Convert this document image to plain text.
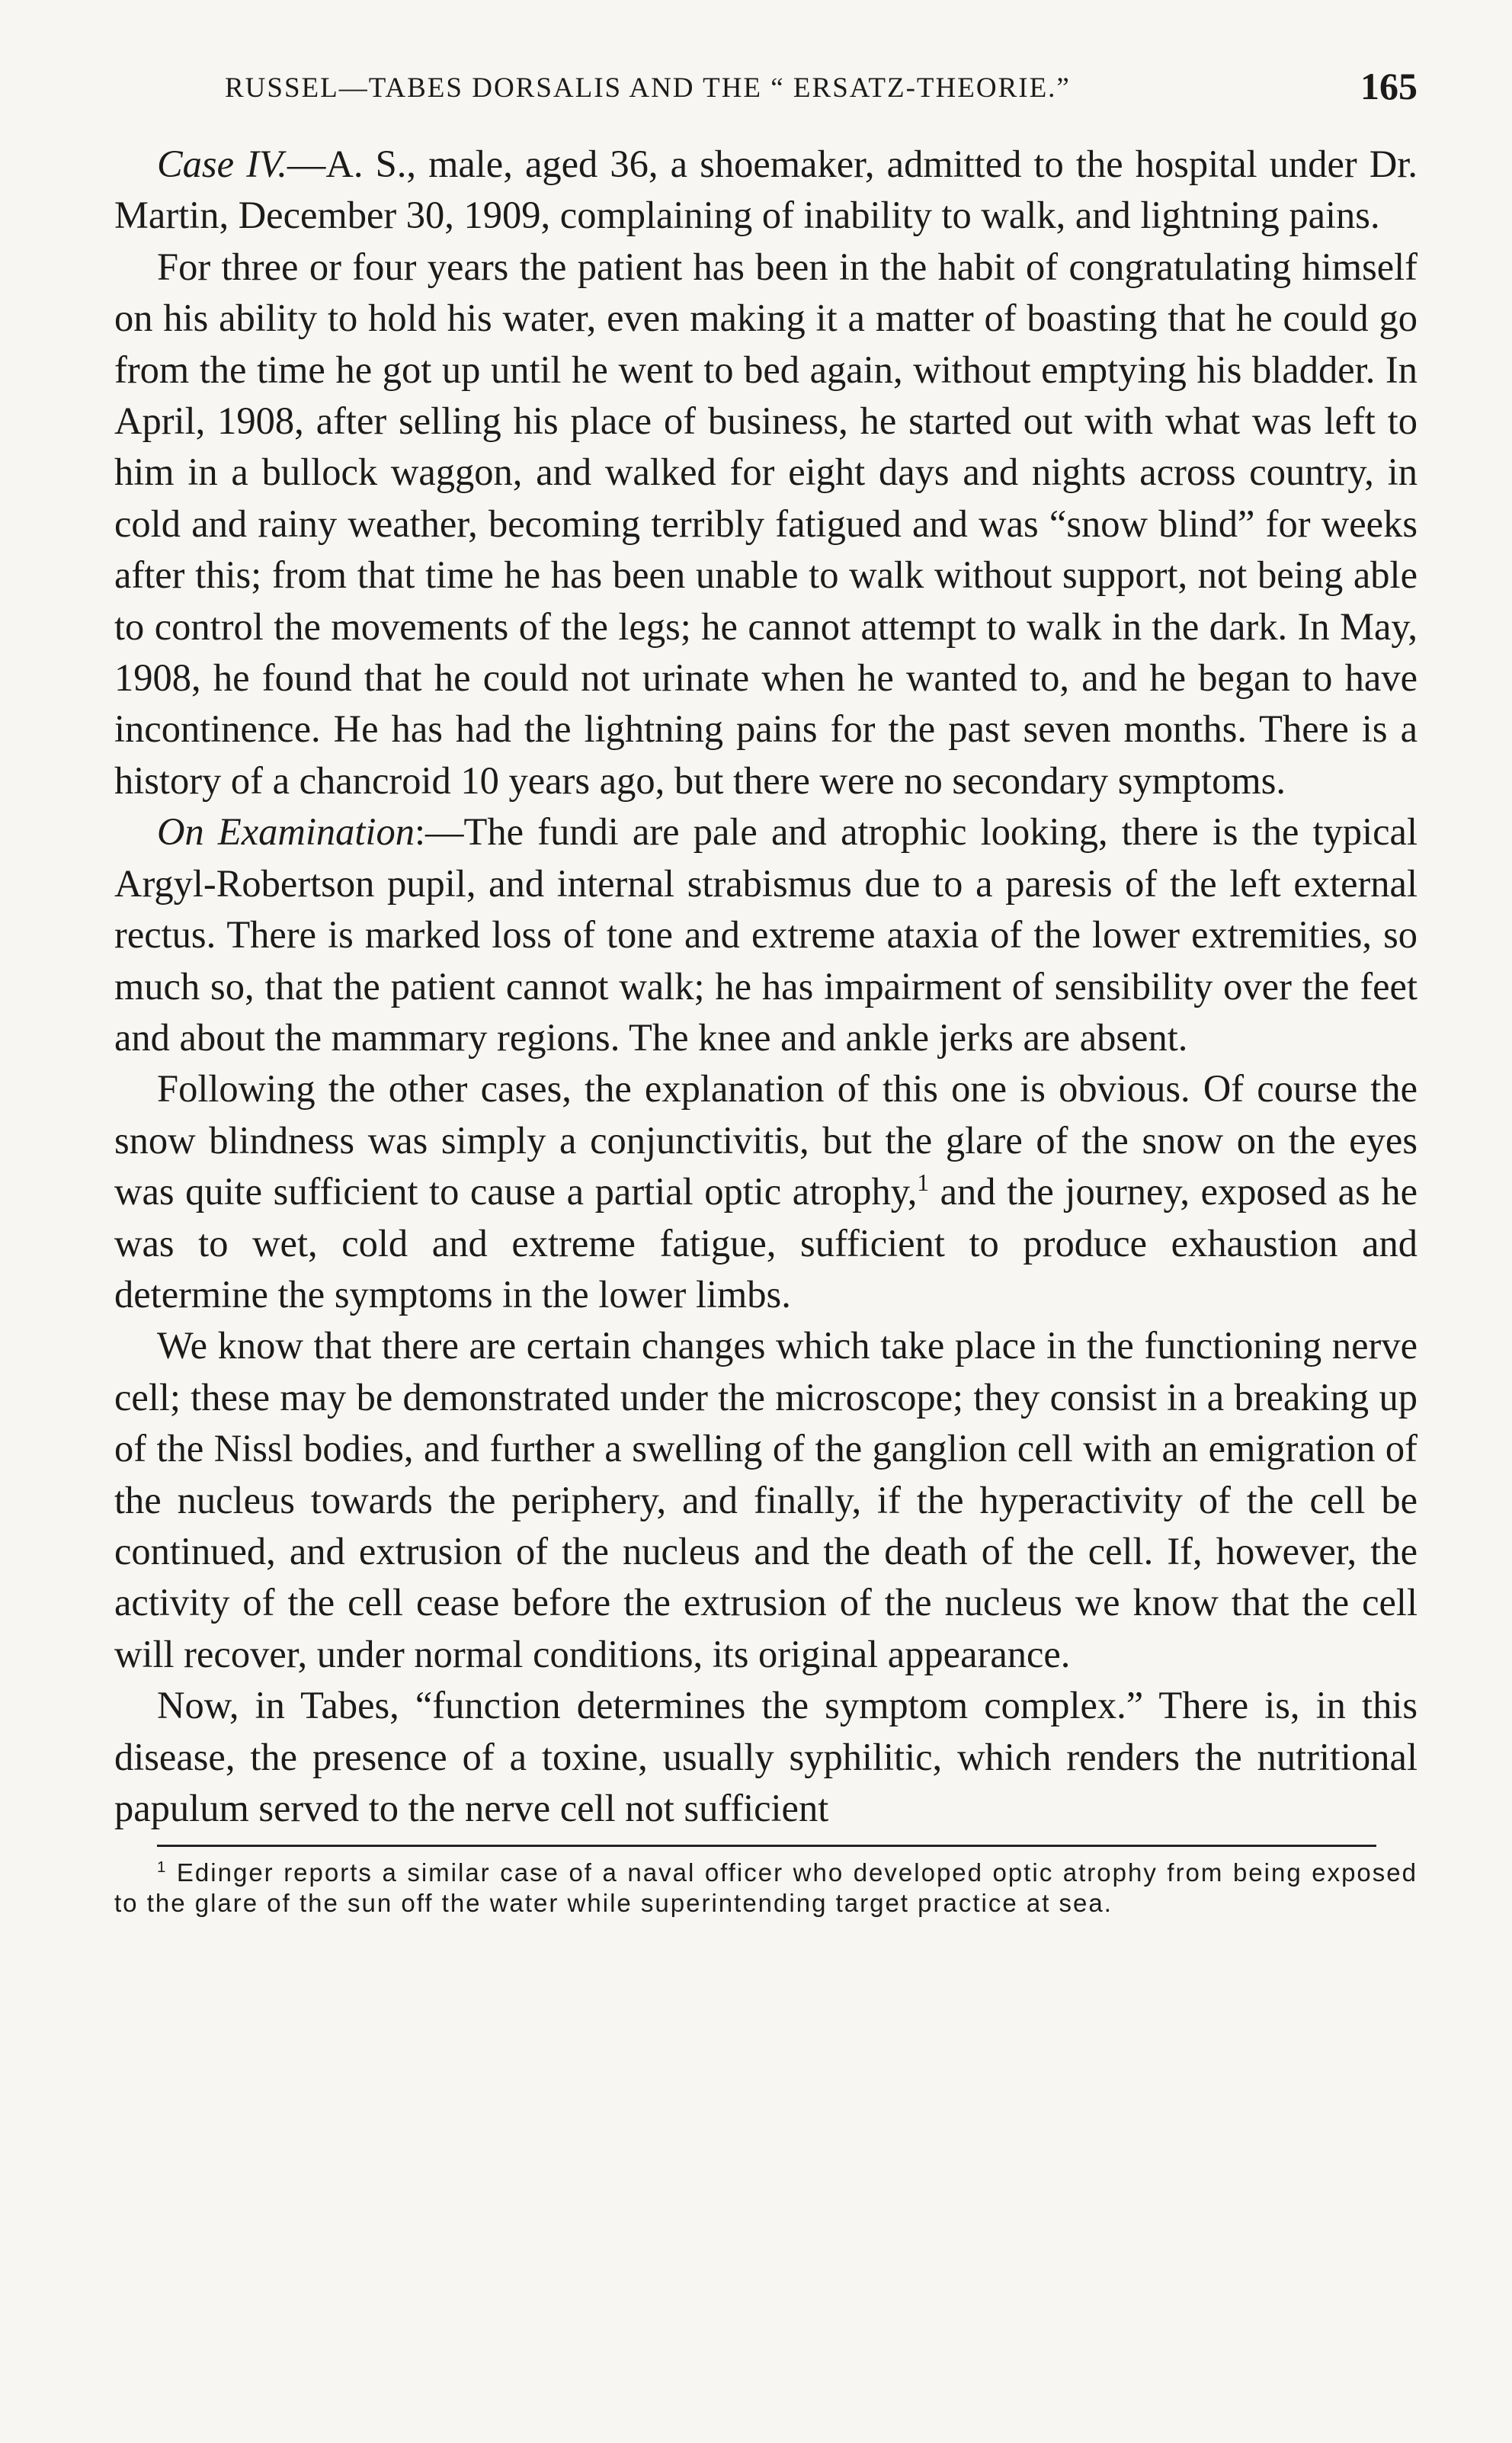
RUSSEL—TABES DORSALIS AND THE “ ERSATZ-THEORIE.”	165

Case IV.—A. S., male, aged 36, a shoemaker, admitted to the hospital under Dr. Martin, December 30, 1909, complaining of inability to walk, and lightning pains.

For three or four years the patient has been in the habit of congratulating himself on his ability to hold his water, even making it a matter of boasting that he could go from the time he got up until he went to bed again, without emptying his bladder. In April, 1908, after selling his place of business, he started out with what was left to him in a bullock waggon, and walked for eight days and nights across country, in cold and rainy weather, becoming terribly fatigued and was “snow blind” for weeks after this; from that time he has been unable to walk without support, not being able to control the movements of the legs; he cannot attempt to walk in the dark. In May, 1908, he found that he could not urinate when he wanted to, and he began to have incontinence. He has had the lightning pains for the past seven months. There is a history of a chancroid 10 years ago, but there were no secondary symptoms.

On Examination:—The fundi are pale and atrophic looking, there is the typical Argyl-Robertson pupil, and internal strabismus due to a paresis of the left external rectus. There is marked loss of tone and extreme ataxia of the lower extremities, so much so, that the patient cannot walk; he has impairment of sensibility over the feet and about the mammary regions. The knee and ankle jerks are absent.

Following the other cases, the explanation of this one is obvious. Of course the snow blindness was simply a conjunctivitis, but the glare of the snow on the eyes was quite sufficient to cause a partial optic atrophy,$^1$ and the journey, exposed as he was to wet, cold and extreme fatigue, sufficient to produce exhaustion and determine the symptoms in the lower limbs.

We know that there are certain changes which take place in the functioning nerve cell; these may be demonstrated under the microscope; they consist in a breaking up of the Nissl bodies, and further a swelling of the ganglion cell with an emigration of the nucleus towards the periphery, and finally, if the hyperactivity of the cell be continued, and extrusion of the nucleus and the death of the cell. If, however, the activity of the cell cease before the extrusion of the nucleus we know that the cell will recover, under normal conditions, its original appearance.

Now, in Tabes, “function determines the symptom complex.” There is, in this disease, the presence of a toxine, usually syphilitic, which renders the nutritional papulum served to the nerve cell not sufficient

$^1$ Edinger reports a similar case of a naval officer who developed optic atrophy from being exposed to the glare of the sun off the water while superintending target practice at sea.
